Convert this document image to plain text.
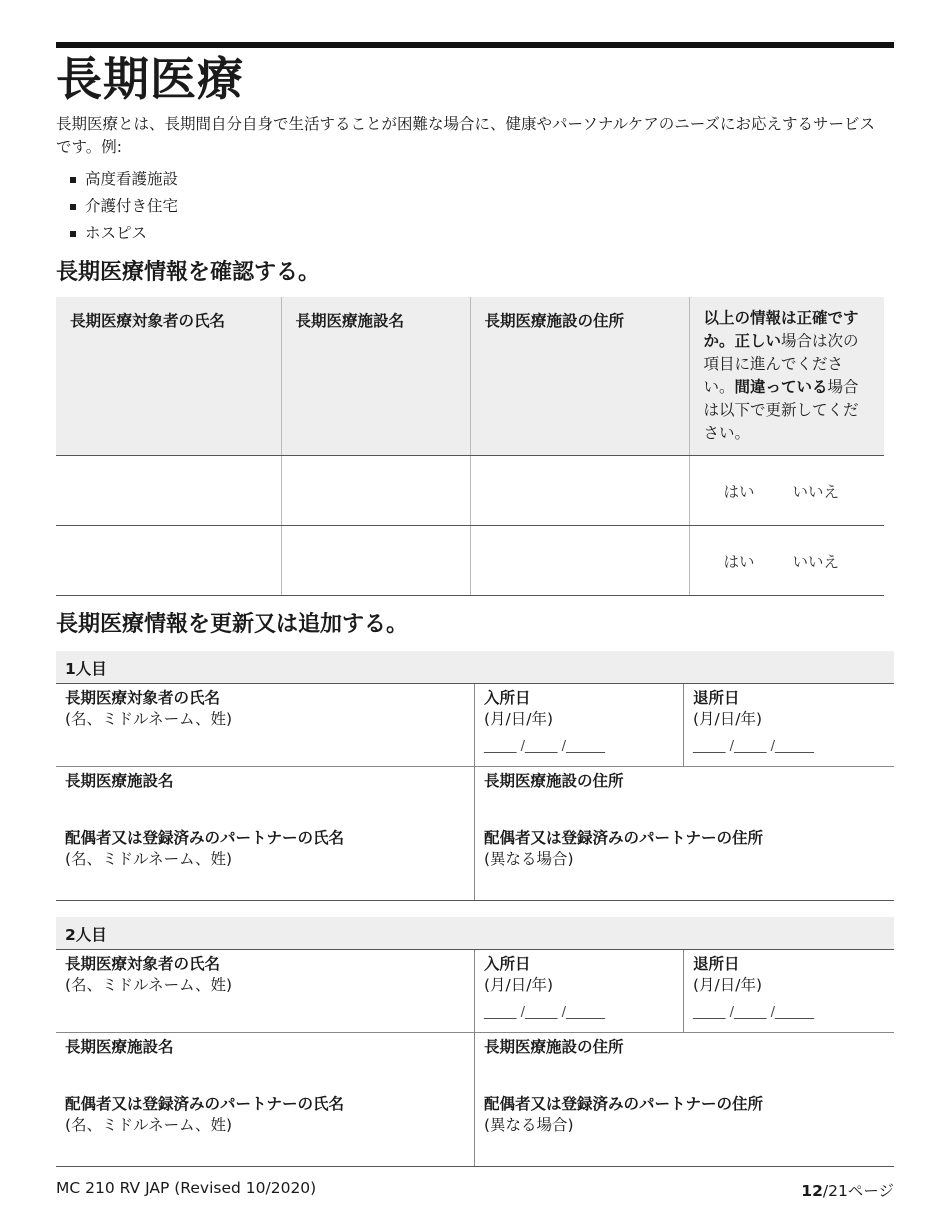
長期医療

長期医療とは、長期間自分自身で生活することが困難な場合に、健康やパーソナルケアのニーズにお応えするサービスです。例:

高度看護施設
介護付き住宅
ホスピス
長期医療情報を確認する。
長期医療対象者の氏名	長期医療施設名	長期医療施設の住所	以上の情報は正確ですか。正しい場合は次の項目に進んでください。間違っている場合は以下で更新してください。

			はい いいえ

			はい いいえ
長期医療情報を更新又は追加する。
1人目
長期医療対象者の氏名
(名、ミドルネーム、姓)
入所日
(月/日/年)
_____ /_____ /______
退所日
(月/日/年)
_____ /_____ /______
長期医療施設名	長期医療施設の住所
配偶者又は登録済みのパートナーの氏名
(名、ミドルネーム、姓)
配偶者又は登録済みのパートナーの住所
(異なる場合)
2人目
長期医療対象者の氏名
(名、ミドルネーム、姓)
入所日
(月/日/年)
_____ /_____ /______
退所日
(月/日/年)
_____ /_____ /______
長期医療施設名	長期医療施設の住所
配偶者又は登録済みのパートナーの氏名
(名、ミドルネーム、姓)
配偶者又は登録済みのパートナーの住所
(異なる場合)
MC 210 RV JAP (Revised 10/2020)	12/21ページ
